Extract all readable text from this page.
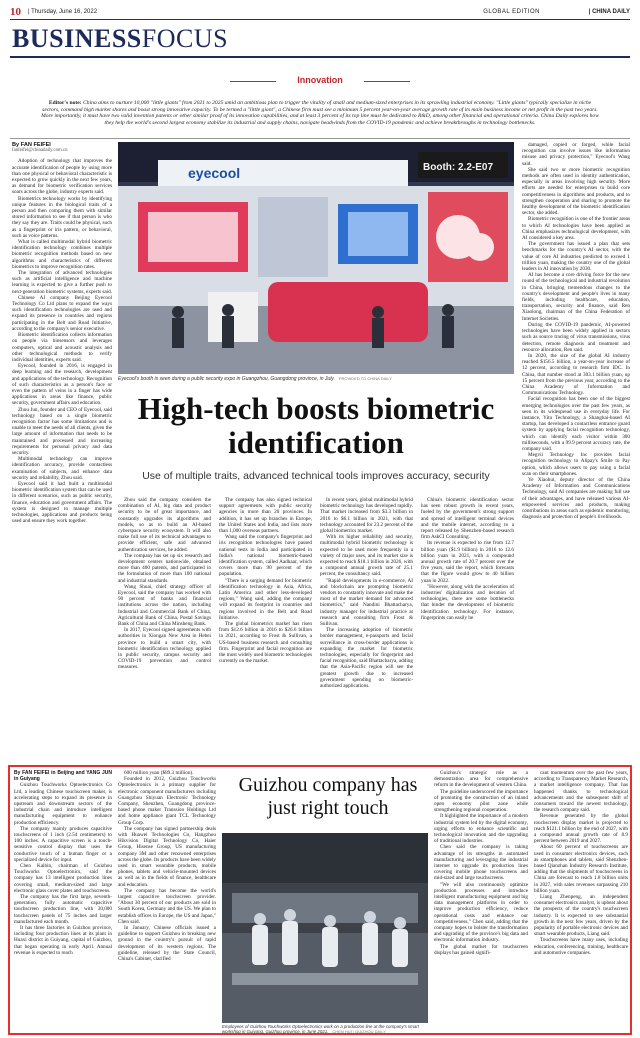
10 | Thursday, June 16, 2022	GLOBAL EDITION	| CHINA DAILY
BUSINESSFOCUS
Innovation
Editor's note: China aims to nurture 10,000 "little giants" from 2021 to 2025 amid an ambitious plan to trigger the vitality of small and medium-sized enterprises in its sprawling industrial economy. "Little giants" typically specialize in niche sectors, command high market shares and boast strong innovative capacity. To be termed a "little giant", a Chinese firm must see a minimum 5 percent year-on-year average growth rate of its main business income or net profit in the past two years. More importantly, it must have two valid invention patents or other similar proof of its innovation capabilities, and at least 3 percent of its top line must be dedicated to R&D, among other financial and operational criteria. China Daily explores how they help the world's second largest economy stabilize its industrial and supply chains, navigate headwinds from the COVID-19 pandemic and achieve breakthroughs in technology bottlenecks.
By FAN FEIFEI
fanfeifei@chinadaily.com.cn

Adoption of technology that improves the accurate identification of people by using more than one physical or behavioral characteristic is expected to grow quickly in the next few years, as demand for biometric verification services soars across the globe, industry experts said.

Biometrics technology works by identifying unique features in the biological traits of a person and then comparing them with similar stored information to see if that person is who they say they are. Traits could be physical, such as a fingerprint or iris pattern, or behavioral, such as voice patterns.

What is called multimodal hybrid biometric identification technology combines multiple biometric recognition methods based on new algorithms and characteristics of different biometrics to improve recognition rates.

The integration of advanced technologies such as artificial intelligence and machine learning is expected to give a further push to next-generation biometric systems, experts said.

Chinese AI company Beijing Eyecool Technology Co Ltd plans to expand the ways such identification technologies are used and expand its presence in countries and regions participating in the Belt and Road Initiative, according to the company's senior executive.

Biometric identification collects information on people via biosensors and leverages computers, optical and acoustic analysis and other technological methods to verify individual identities, experts said.

Eyecool, founded in 2016, is engaged in deep learning and the research, development and applications of the technology. Recognition of such characteristics as a person's face or even the pattern of veins in a finger has wide applications in areas like finance, public security, government affairs and education.

Zhou Jun, founder and CEO of Eyecool, said technology based on a single biometric recognition factor has some limitations and is unable to meet the needs of all clients, given the large amount of information that needs to be maintained and processed and increasing requirements for personal privacy and data security.

Multimodal technology can improve identification accuracy, provide contactless examination of subjects, and enhance data security and reliability, Zhou said.

Eyecool said it had built a multimodal biometric identification system that can be used in different scenarios, such as public security, finance, education and government affairs. The system is designed to manage multiple technologies, applications and products being used and ensure they work together.

eyecool	Booth: 2.2-E07
Eyecool's booth is seen during a public security expo in Guangzhou, Guangdong province, in July. PROVIDED TO CHINA DAILY
High-tech boosts biometric identification
Use of multiple traits, advanced technical tools improves accuracy, security

Zhou said the company considers the combination of AI, big data and product security to be of great importance, and constantly upgrades its algorithms and models, so as to build an AI-based cyberspace security ecosystem. It will also make full use of its technical advantages to provide efficient, safe and advanced authentication services, he added.

The company has set up six research and development centers nationwide, obtained more than 400 patents, and participated in the formulation of more than 100 national and industrial standards.

Wang Shuai, chief strategy officer of Eyecool, said the company has worked with 90 percent of banks and financial institutions across the nation, including Industrial and Commercial Bank of China, Agricultural Bank of China, Postal Savings Bank of China and China Minsheng Bank.

In 2017, Eyecool signed agreements with authorities in Xiongan New Area in Hebei province to build a smart city, with biometric identification technology applied in public security, campus security and COVID-19 prevention and control measures.

The company has also signed technical support agreements with public security agencies in more than 20 provinces. In addition, it has set up branches in Europe, the United States and India, and lists more than 1,000 overseas partners.

Wang said the company's fingerprint and iris recognition technologies have passed national tests in India and participated in India's national biometric-based identification system, called Aadhaar, which covers more than 90 percent of the population.

"There is a surging demand for biometric identification technology in Asia, Africa, Latin America and other less-developed regions," Wang said, adding the company will expand its footprint in countries and regions involved in the Belt and Road Initiative.

The global biometrics market has risen from $12.6 billion in 2016 to $26.6 billion in 2021, according to Frost & Sullivan, a US-based business research and consulting firm. Fingerprint and facial recognition are the most widely used biometric technologies currently on the market.

In recent years, global multimodal hybrid biometric technology has developed rapidly. That market increased from $3.3 billion in 2016 to $6.1 billion in 2021, with that technology accounted for 23.2 percent of the global biometrics market.

With its higher reliability and security, multimodal hybrid biometric technology is expected to be used more frequently in a variety of major uses, and its market size is expected to reach $18.1 billion in 2026, with a compound annual growth rate of 25.1 percent, the consultancy said.

"Rapid developments in e-commerce, AI and blockchain are prompting biometric vendors to constantly innovate and make the most of the market demand for advanced biometrics," said Nandini Bhattacharya, industry manager for industrial practice at research and consulting firm Frost & Sullivan.

The increasing adoption of biometric border management, e-passports and facial surveillance in cross-border applications is expanding the market for biometric technologies, especially for fingerprint and facial recognition, said Bhattacharya, adding that the Asia-Pacific region will see the greatest growth due to increased government spending on biometric-authorized applications.

China's biometric identification sector has seen robust growth in recent years, fueled by the government's strong support and spread of intelligent terminal devices and the mobile internet, according to a report released by Shenzhen-based research firm AskCI Consulting.

Its revenue is expected to rise from 12.7 billion yuan ($1.9 billion) in 2016 to 12.6 billion yuan in 2021, with a compound annual growth rate of 20.7 percent over the five years, said the report, which forecasts that the figure would grow to 40 billion yuan in 2022.

"However, along with the acceleration of industries' digitalization and iteration of technologies, there are some bottlenecks that hinder the development of biometric identification technology. For instance, fingerprints can easily be

damaged, copied or forged, while facial recognition can involve issues like information misuse and privacy protection," Eyecool's Wang said.

She said two or more biometric recognition methods are often used in identity authentication, especially in areas involving high security. More efforts are needed for enterprises to build core competitiveness in algorithms and products, and to strengthen cooperation and sharing to promote the healthy development of the biometric identification sector, she added.

Biometric recognition is one of the frontier areas to which AI technologies have been applied as China emphasizes technological development, with AI considered a key area.

The government has issued a plan that sets benchmarks for the country's AI sector, with the value of core AI industries predicted to exceed 1 trillion yuan, making the country one of the global leaders in AI innovation by 2030.

AI has become a core driving force for the new round of the technological and industrial revolution in China, bringing tremendous changes to the country's development and people's lives in many fields, including healthcare, education, transportation, security and finance, said Ren Xiaolong, chairman of the China Federation of Internet Societies.

During the COVID-19 pandemic, AI-powered technologies have been widely applied in sectors such as source tracing of virus transmissions, virus detection, remote diagnosis and treatment and resource allocation, Ren said.

In 2020, the size of the global AI industry reached $156.5 billion, a year-on-year increase of 12 percent, according to research firm IDC. In China, that number stood at 303.1 billion yuan, up 15 percent from the previous year, according to the China Academy of Information and Communications Technology.

Facial recognition has been one of the biggest emerging technologies over the past few years, as seen in its widespread use in everyday life. For instance, Yitu Technology, a Shanghai-based AI startup, has developed a contactless entrance guard system by applying facial recognition technology, which can identify each visitor within 300 milliseconds, with a 99.9 percent accuracy rate, the company said.

Megvii Technology Inc provides facial recognition technology to Alipay's Smile to Pay option, which allows users to pay using a facial scan on their smartphones.

Ye Xiaohui, deputy director of the China Academy of Information and Communications Technology, said AI companies are making full use of their advantages, and have released various AI-empowered services and products, making contributions in areas such as epidemic monitoring, diagnosis and protection of people's livelihoods.

By FAN FEIFEI in Beijing and YANG JUN in Guiyang

Guizhou Touchworks Optoelectronics Co Ltd, a leading Chinese touchscreen maker, is accelerating steps to expand its presence in upstream and downstream sectors of the industrial chain and introduce intelligent manufacturing equipment to enhance production efficiency.

The company mainly produces capacitive touchscreens of 1 inch (2.54 centimeters) to 100 inches. A capacitive screen is a touch-sensitive control display that uses the conductive touch of a human finger or a specialized device for input.

Chen Kaibin, chairman of Guizhou Touchworks Optoelectronics, said the company has 13 intelligent production lines covering small, medium-sized and large electronic glass cover plates and touchscreens.

The company has the first large, seventh-generation, fully automatic capacitive touchscreen production line, with 30,000 touchscreen panels of 75 inches and larger manufactured each month.

It has three factories in Guizhou province, including four production lines at its plant in Huaxi district in Guiyang, capital of Guizhou, that began operating in early April. Annual revenue is expected to reach

600 million yuan ($89.3 million).

Founded in 2012, Guizhou Touchworks Optoelectronics is a primary supplier for electronic component manufacturers including Guangzhou Shiyuan Electronic Technology Company, Shenzhen, Guangdong province-based phone maker Transsion Holdings Ltd and home appliance giant TCL Technology Group Corp.

The company has signed partnership deals with Huawei Technologies Co, Hangzhou Hikvision Digital Technology Co, Haier Group, Hisense Group, US manufacturing company 3M and other renowned enterprises across the globe. Its products have been widely used in smart wearable products, mobile phones, tablets and vehicle-mounted devices as well as in the fields of finance, healthcare and education.

The company has become the world's largest capacitive touchscreen provider. "About 30 percent of our products are sold in South Korea, Germany and the US. We plan to establish offices in Europe, the US and Japan," Chen said.

In January, Chinese officials issued a guideline to support Guizhou in breaking new ground in the country's pursuit of rapid development of its western regions. The guideline, released by the State Council, China's Cabinet, clarified

Guizhou company has just right touch
Employees of Guizhou Touchworks Optoelectronics work on a production line at the company's smart workshop in Guiyang, Guizhou province, in June 2021. CHEN HUI / GUIZHOU DAILY

Guizhou's strategic role as a demonstration area for comprehensive reform in the development of western China.

The guideline underscored the importance of promoting the construction of an inland open economy pilot zone while strengthening regional cooperation.

It highlighted the importance of a modern industrial system led by the digital economy, urging efforts to enhance scientific and technological innovation and the upgrading of traditional industries.

Chen said the company is taking advantage of its strengths in automated manufacturing and leveraging the industrial internet to upgrade its production lines covering mobile phone touchscreens and mid-sized and large touchscreens.

"We will also continuously optimize production processes and introduce intelligent manufacturing equipment and big data management platforms in order to improve production efficiency, reduce operational costs and enhance our competitiveness," Chen said, adding that the company hopes to bolster the transformation and upgrading of the province's big data and electronic information industry.

The global market for touchscreen displays has gained signifi-

cant momentum over the past few years, according to Transparency Market Research, a market intelligence company. That has happened thanks to technological advancements and the subsequent shift of consumers toward the newest technology, the research company said.

Revenue generated by the global touchscreen display market is projected to reach $121.1 billion by the end of 2027, with a compound annual growth rate of 8.9 percent between 2019 and 2027.

About 60 percent of touchscreens are used in consumer electronics devices, such as smartphones and tablets, said Shenzhen-based Qianzhan Industry Research Institute, adding that the shipments of touchscreens in China are forecast to reach 1.8 billion units in 2027, with sales revenues surpassing 210 billion yuan.

Liang Zhenpeng, an independent consumer electronics analyst, is upbeat about the prospects of the country's touchscreen industry. It is expected to see substantial growth in the next few years, driven by the popularity of portable electronic devices and smart wearable products, Liang said.

Touchscreens have many uses, including education, conferencing, training, healthcare and automotive companies.
